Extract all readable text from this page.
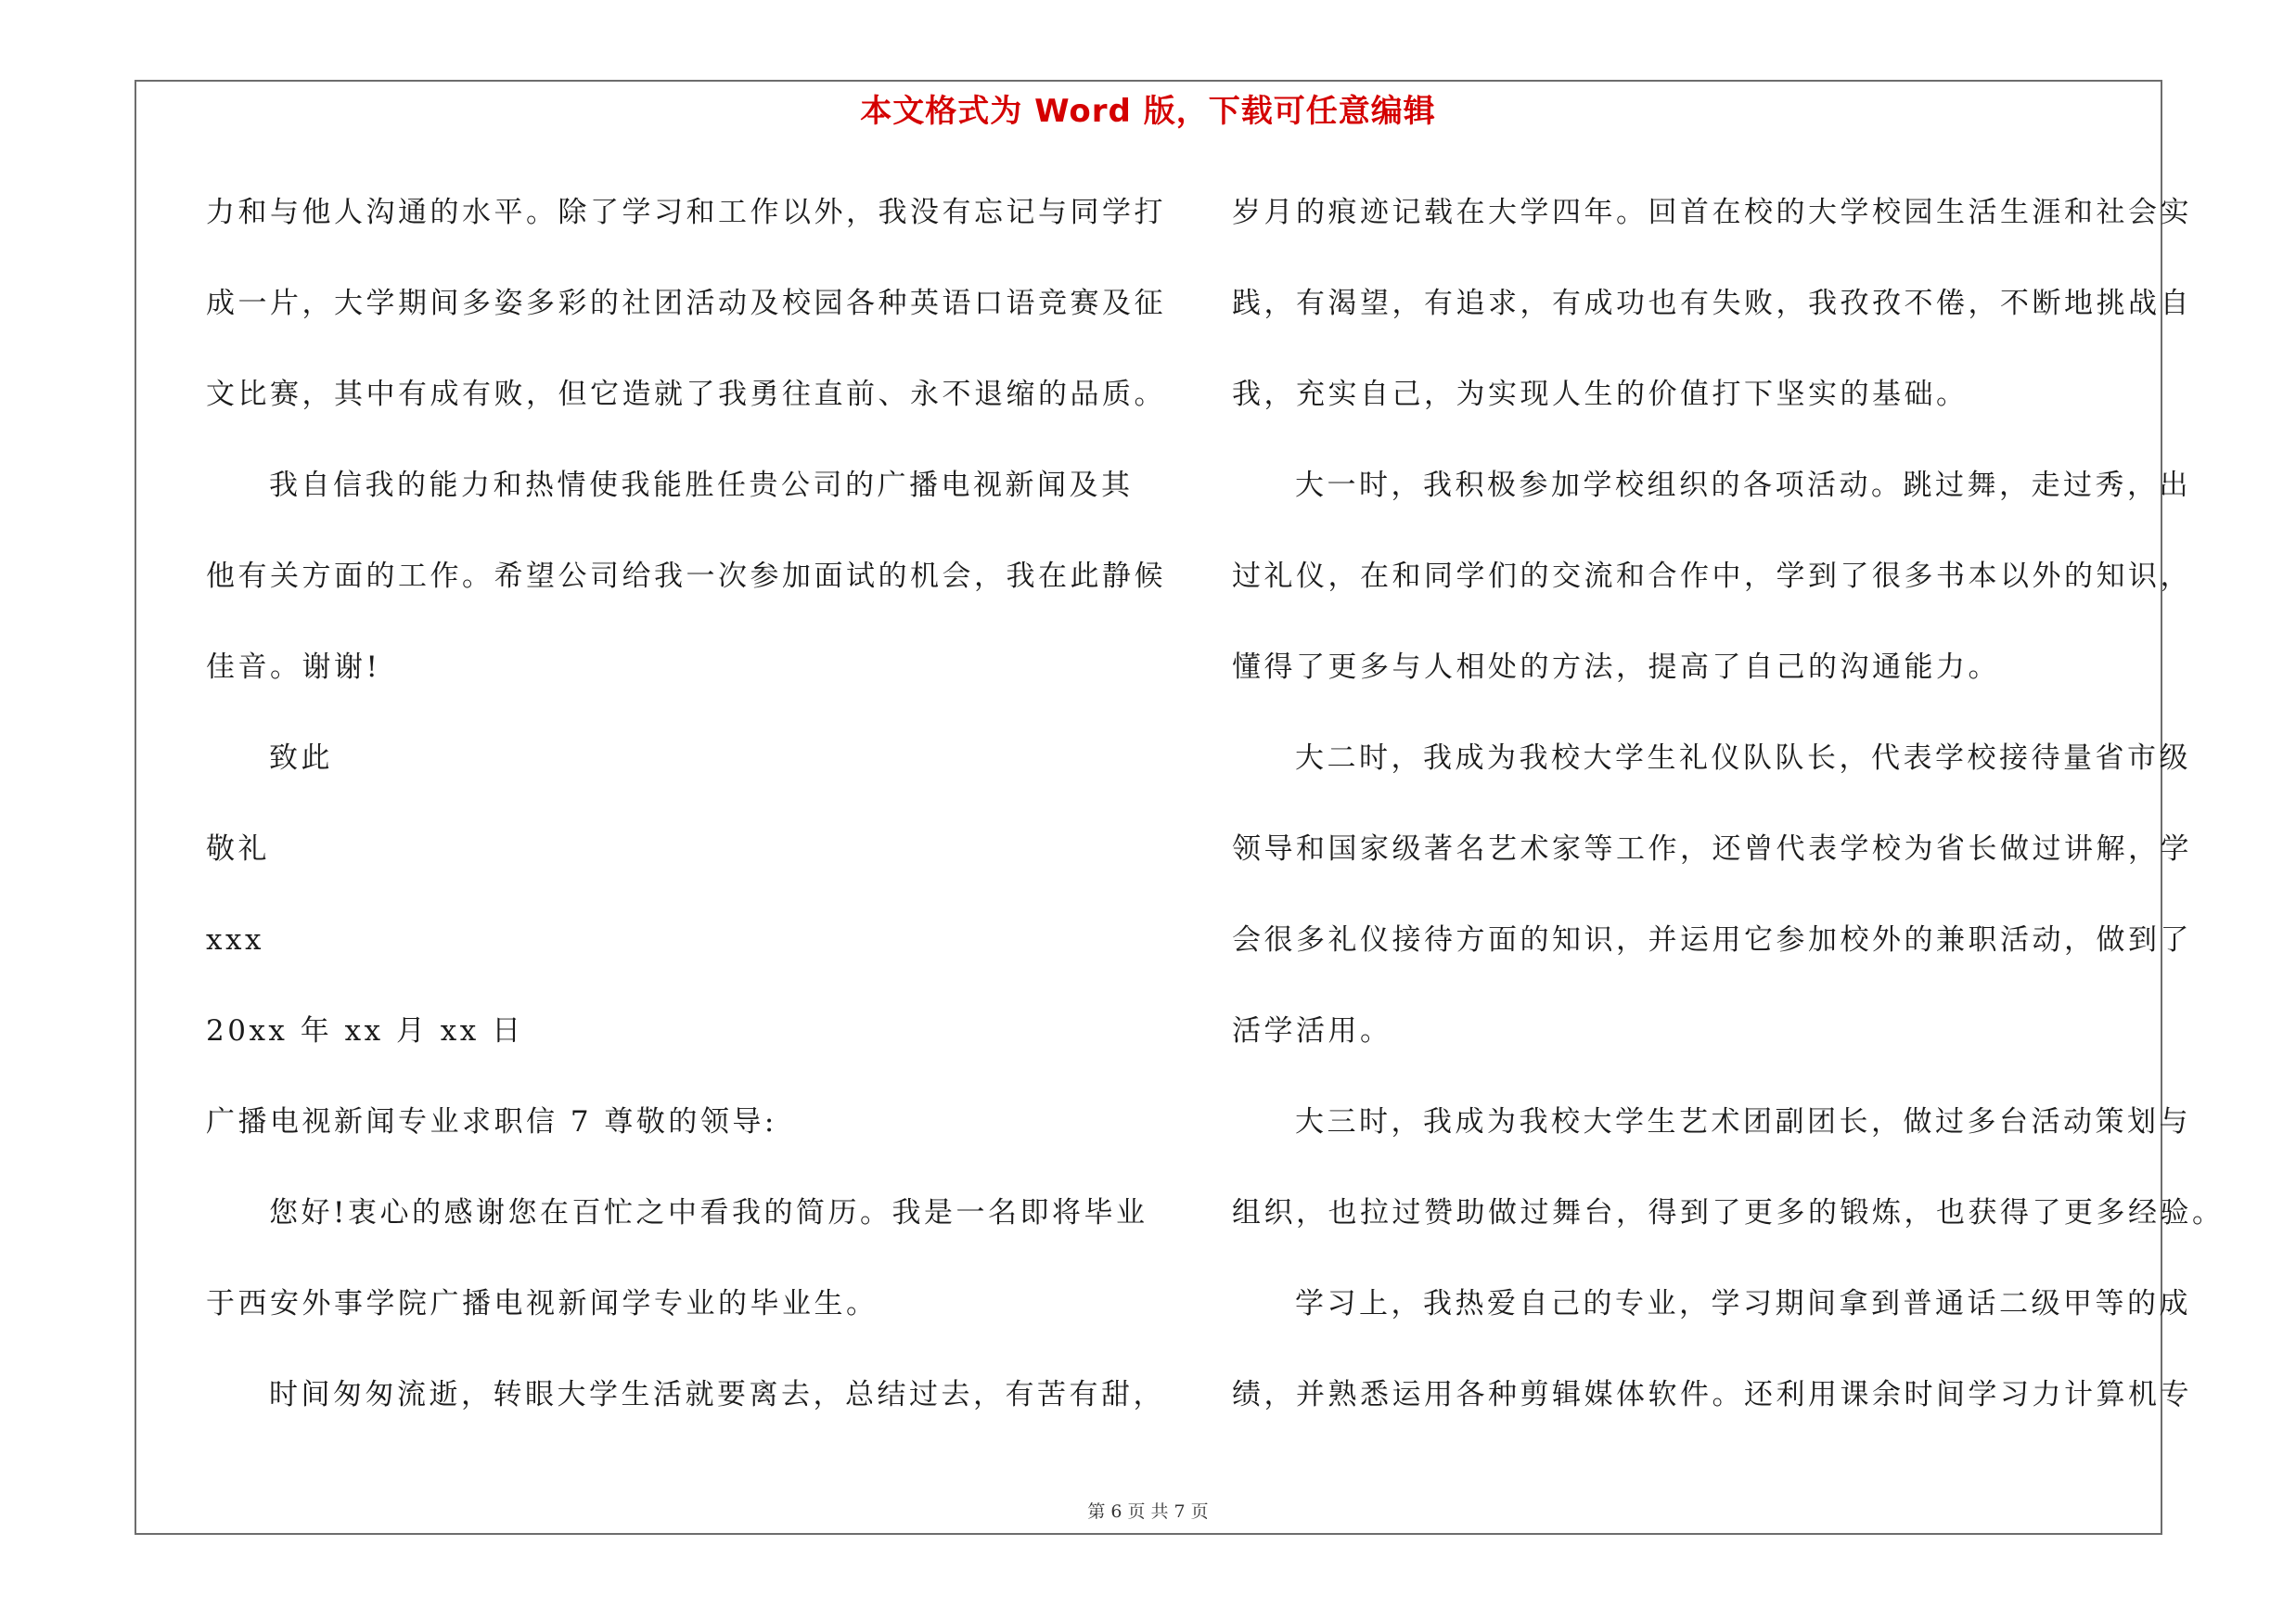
本文格式为 Word 版，下载可任意编辑
力和与他人沟通的水平。除了学习和工作以外，我没有忘记与同学打
成一片，大学期间多姿多彩的社团活动及校园各种英语口语竞赛及征
文比赛，其中有成有败，但它造就了我勇往直前、永不退缩的品质。
我自信我的能力和热情使我能胜任贵公司的广播电视新闻及其
他有关方面的工作。希望公司给我一次参加面试的机会，我在此静候
佳音。谢谢!
致此
敬礼
xxx
20xx 年 xx 月 xx 日
广播电视新闻专业求职信 7 尊敬的领导:
您好!衷心的感谢您在百忙之中看我的简历。我是一名即将毕业
于西安外事学院广播电视新闻学专业的毕业生。
时间匆匆流逝，转眼大学生活就要离去，总结过去，有苦有甜，
岁月的痕迹记载在大学四年。回首在校的大学校园生活生涯和社会实
践，有渴望，有追求，有成功也有失败，我孜孜不倦，不断地挑战自
我，充实自己，为实现人生的价值打下坚实的基础。
大一时，我积极参加学校组织的各项活动。跳过舞，走过秀，出
过礼仪，在和同学们的交流和合作中，学到了很多书本以外的知识，
懂得了更多与人相处的方法，提高了自己的沟通能力。
大二时，我成为我校大学生礼仪队队长，代表学校接待量省市级
领导和国家级著名艺术家等工作，还曾代表学校为省长做过讲解，学
会很多礼仪接待方面的知识，并运用它参加校外的兼职活动，做到了
活学活用。
大三时，我成为我校大学生艺术团副团长，做过多台活动策划与
组织，也拉过赞助做过舞台，得到了更多的锻炼，也获得了更多经验。
学习上，我热爱自己的专业，学习期间拿到普通话二级甲等的成
绩，并熟悉运用各种剪辑媒体软件。还利用课余时间学习力计算机专
第 6 页 共 7 页
